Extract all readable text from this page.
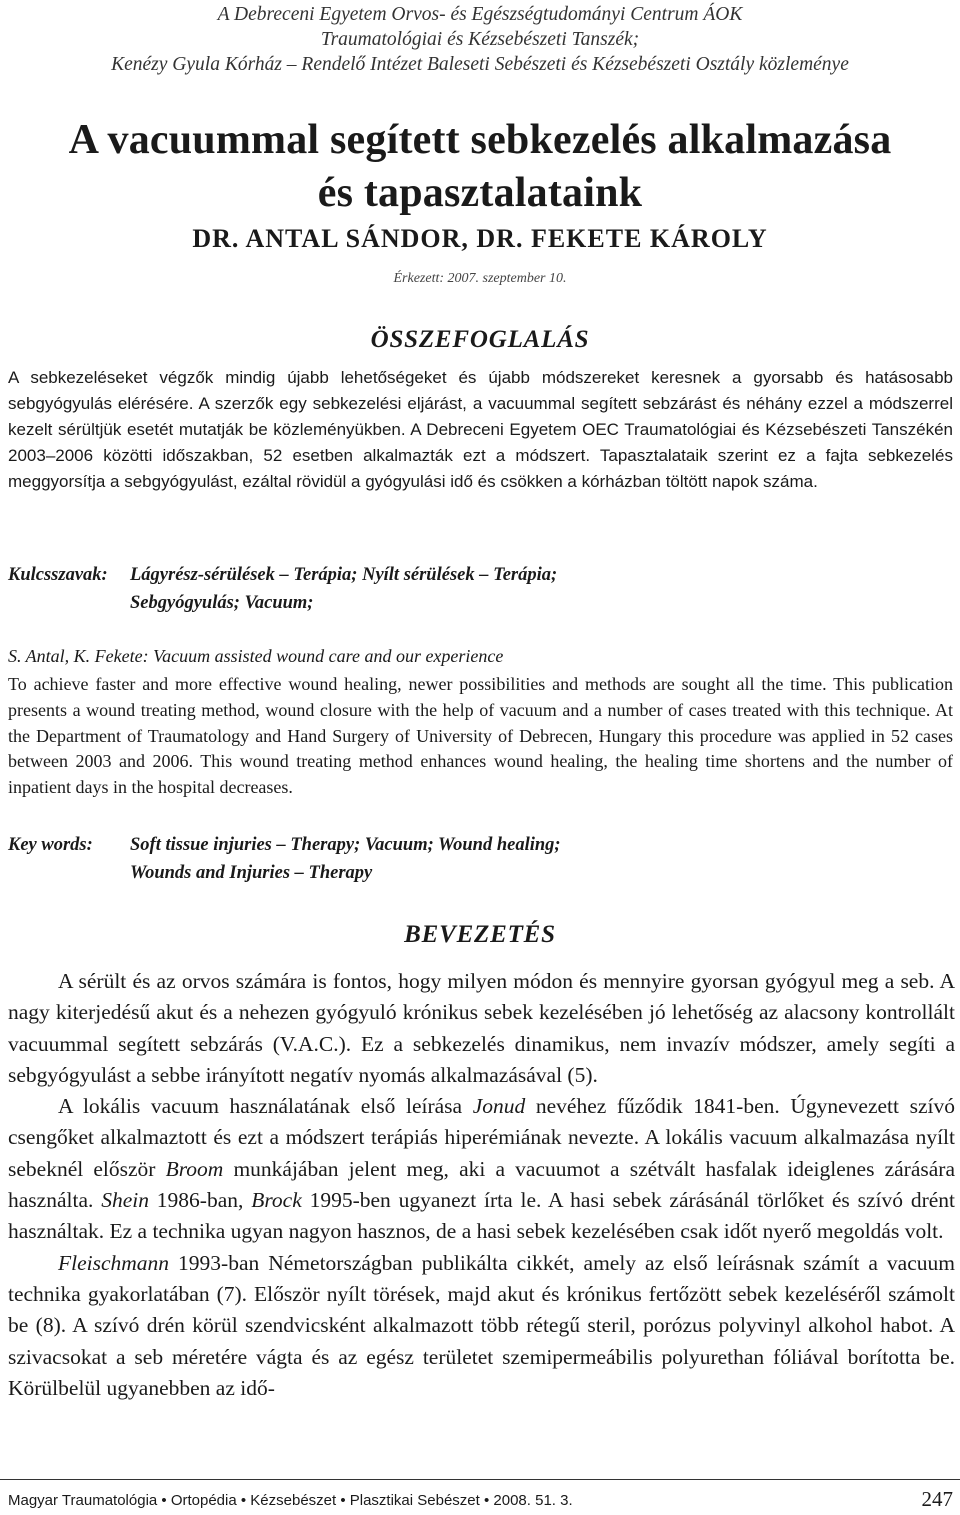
A Debreceni Egyetem Orvos- és Egészségtudományi Centrum ÁOK
Traumatológiai és Kézsebészeti Tanszék;
Kenézy Gyula Kórház – Rendelő Intézet Baleseti Sebészeti és Kézsebészeti Osztály közleménye
A vacuummal segített sebkezelés alkalmazása
és tapasztalataink
DR. ANTAL SÁNDOR, DR. FEKETE KÁROLY
Érkezett: 2007. szeptember 10.
ÖSSZEFOGLALÁS
A sebkezeléseket végzők mindig újabb lehetőségeket és újabb módszereket keresnek a gyorsabb és hatásosabb sebgyógyulás elérésére. A szerzők egy sebkezelési eljárást, a vacuummal segített sebzárást és néhány ezzel a módszerrel kezelt sérültjük esetét mutatják be közleményükben. A Debreceni Egyetem OEC Traumatológiai és Kézsebészeti Tanszékén 2003–2006 közötti időszakban, 52 esetben alkalmazták ezt a módszert. Tapasztalataik szerint ez a fajta sebkezelés meggyorsítja a sebgyógyulást, ezáltal rövidül a gyógyulási idő és csökken a kórházban töltött napok száma.
Kulcsszavak: Lágyrész-sérülések – Terápia; Nyílt sérülések – Terápia;
Sebgyógyulás; Vacuum;
S. Antal, K. Fekete: Vacuum assisted wound care and our experience
To achieve faster and more effective wound healing, newer possibilities and methods are sought all the time. This publication presents a wound treating method, wound closure with the help of vacuum and a number of cases treated with this technique. At the Department of Traumatology and Hand Surgery of University of Debrecen, Hungary this procedure was applied in 52 cases between 2003 and 2006. This wound treating method enhances wound healing, the healing time shortens and the number of inpatient days in the hospital decreases.
Key words: Soft tissue injuries – Therapy; Vacuum; Wound healing;
Wounds and Injuries – Therapy
BEVEZETÉS

A sérült és az orvos számára is fontos, hogy milyen módon és mennyire gyorsan gyógyul meg a seb. A nagy kiterjedésű akut és a nehezen gyógyuló krónikus sebek kezelésében jó lehetőség az alacsony kontrollált vacuummal segített sebzárás (V.A.C.). Ez a sebkezelés dinamikus, nem invazív módszer, amely segíti a sebgyógyulást a sebbe irányított negatív nyomás alkalmazásával (5).

A lokális vacuum használatának első leírása Jonud nevéhez fűződik 1841-ben. Úgynevezett szívó csengőket alkalmaztott és ezt a módszert terápiás hiperémiának nevezte. A lokális vacuum alkalmazása nyílt sebeknél először Broom munkájában jelent meg, aki a vacuumot a szétvált hasfalak ideiglenes zárására használta. Shein 1986-ban, Brock 1995-ben ugyanezt írta le. A hasi sebek zárásánál törlőket és szívó drént használtak. Ez a technika ugyan nagyon hasznos, de a hasi sebek kezelésében csak időt nyerő megoldás volt.

Fleischmann 1993-ban Németországban publikálta cikkét, amely az első leírásnak számít a vacuum technika gyakorlatában (7). Először nyílt törések, majd akut és krónikus fertőzött sebek kezeléséről számolt be (8). A szívó drén körül szendvicsként alkalmazott több rétegű steril, porózus polyvinyl alkohol habot. A szivacsokat a seb méretére vágta és az egész területet szemipermeábilis polyurethan fóliával borította be. Körülbelül ugyanebben az idő-

Magyar Traumatológia • Ortopédia • Kézsebészet • Plasztikai Sebészet • 2008. 51. 3.	247
